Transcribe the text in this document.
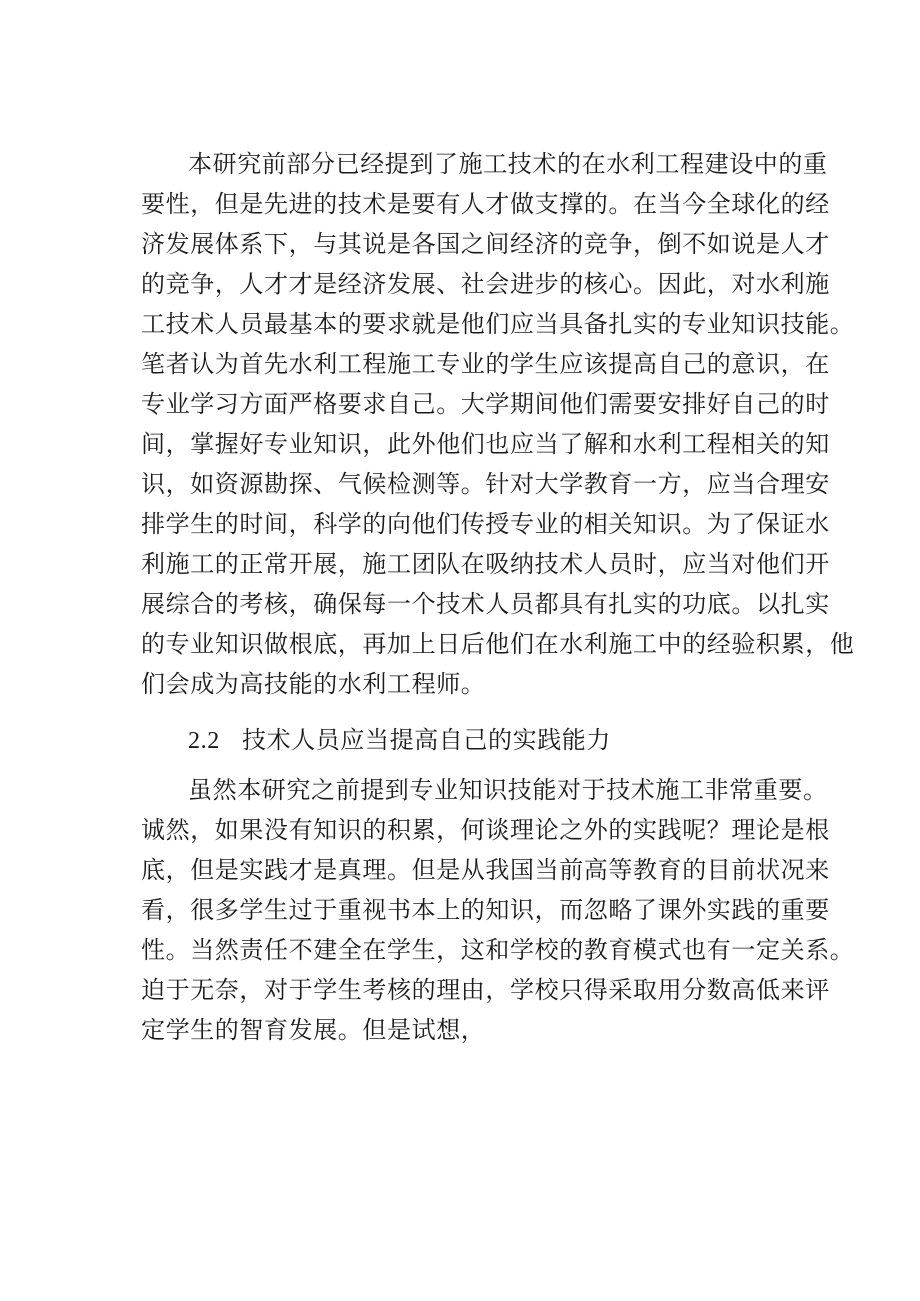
本研究前部分已经提到了施工技术的在水利工程建设中的重
要性，但是先进的技术是要有人才做支撑的。在当今全球化的经
济发展体系下，与其说是各国之间经济的竞争，倒不如说是人才
的竞争，人才才是经济发展、社会进步的核心。因此，对水利施
工技术人员最基本的要求就是他们应当具备扎实的专业知识技能。
笔者认为首先水利工程施工专业的学生应该提高自己的意识，在
专业学习方面严格要求自己。大学期间他们需要安排好自己的时
间，掌握好专业知识，此外他们也应当了解和水利工程相关的知
识，如资源勘探、气候检测等。针对大学教育一方，应当合理安
排学生的时间，科学的向他们传授专业的相关知识。为了保证水
利施工的正常开展，施工团队在吸纳技术人员时，应当对他们开
展综合的考核，确保每一个技术人员都具有扎实的功底。以扎实
的专业知识做根底，再加上日后他们在水利施工中的经验积累，他
们会成为高技能的水利工程师。
2.2 技术人员应当提高自己的实践能力
虽然本研究之前提到专业知识技能对于技术施工非常重要。
诚然，如果没有知识的积累，何谈理论之外的实践呢？理论是根
底，但是实践才是真理。但是从我国当前高等教育的目前状况来
看，很多学生过于重视书本上的知识，而忽略了课外实践的重要
性。当然责任不建全在学生，这和学校的教育模式也有一定关系。
迫于无奈，对于学生考核的理由，学校只得采取用分数高低来评
定学生的智育发展。但是试想，
